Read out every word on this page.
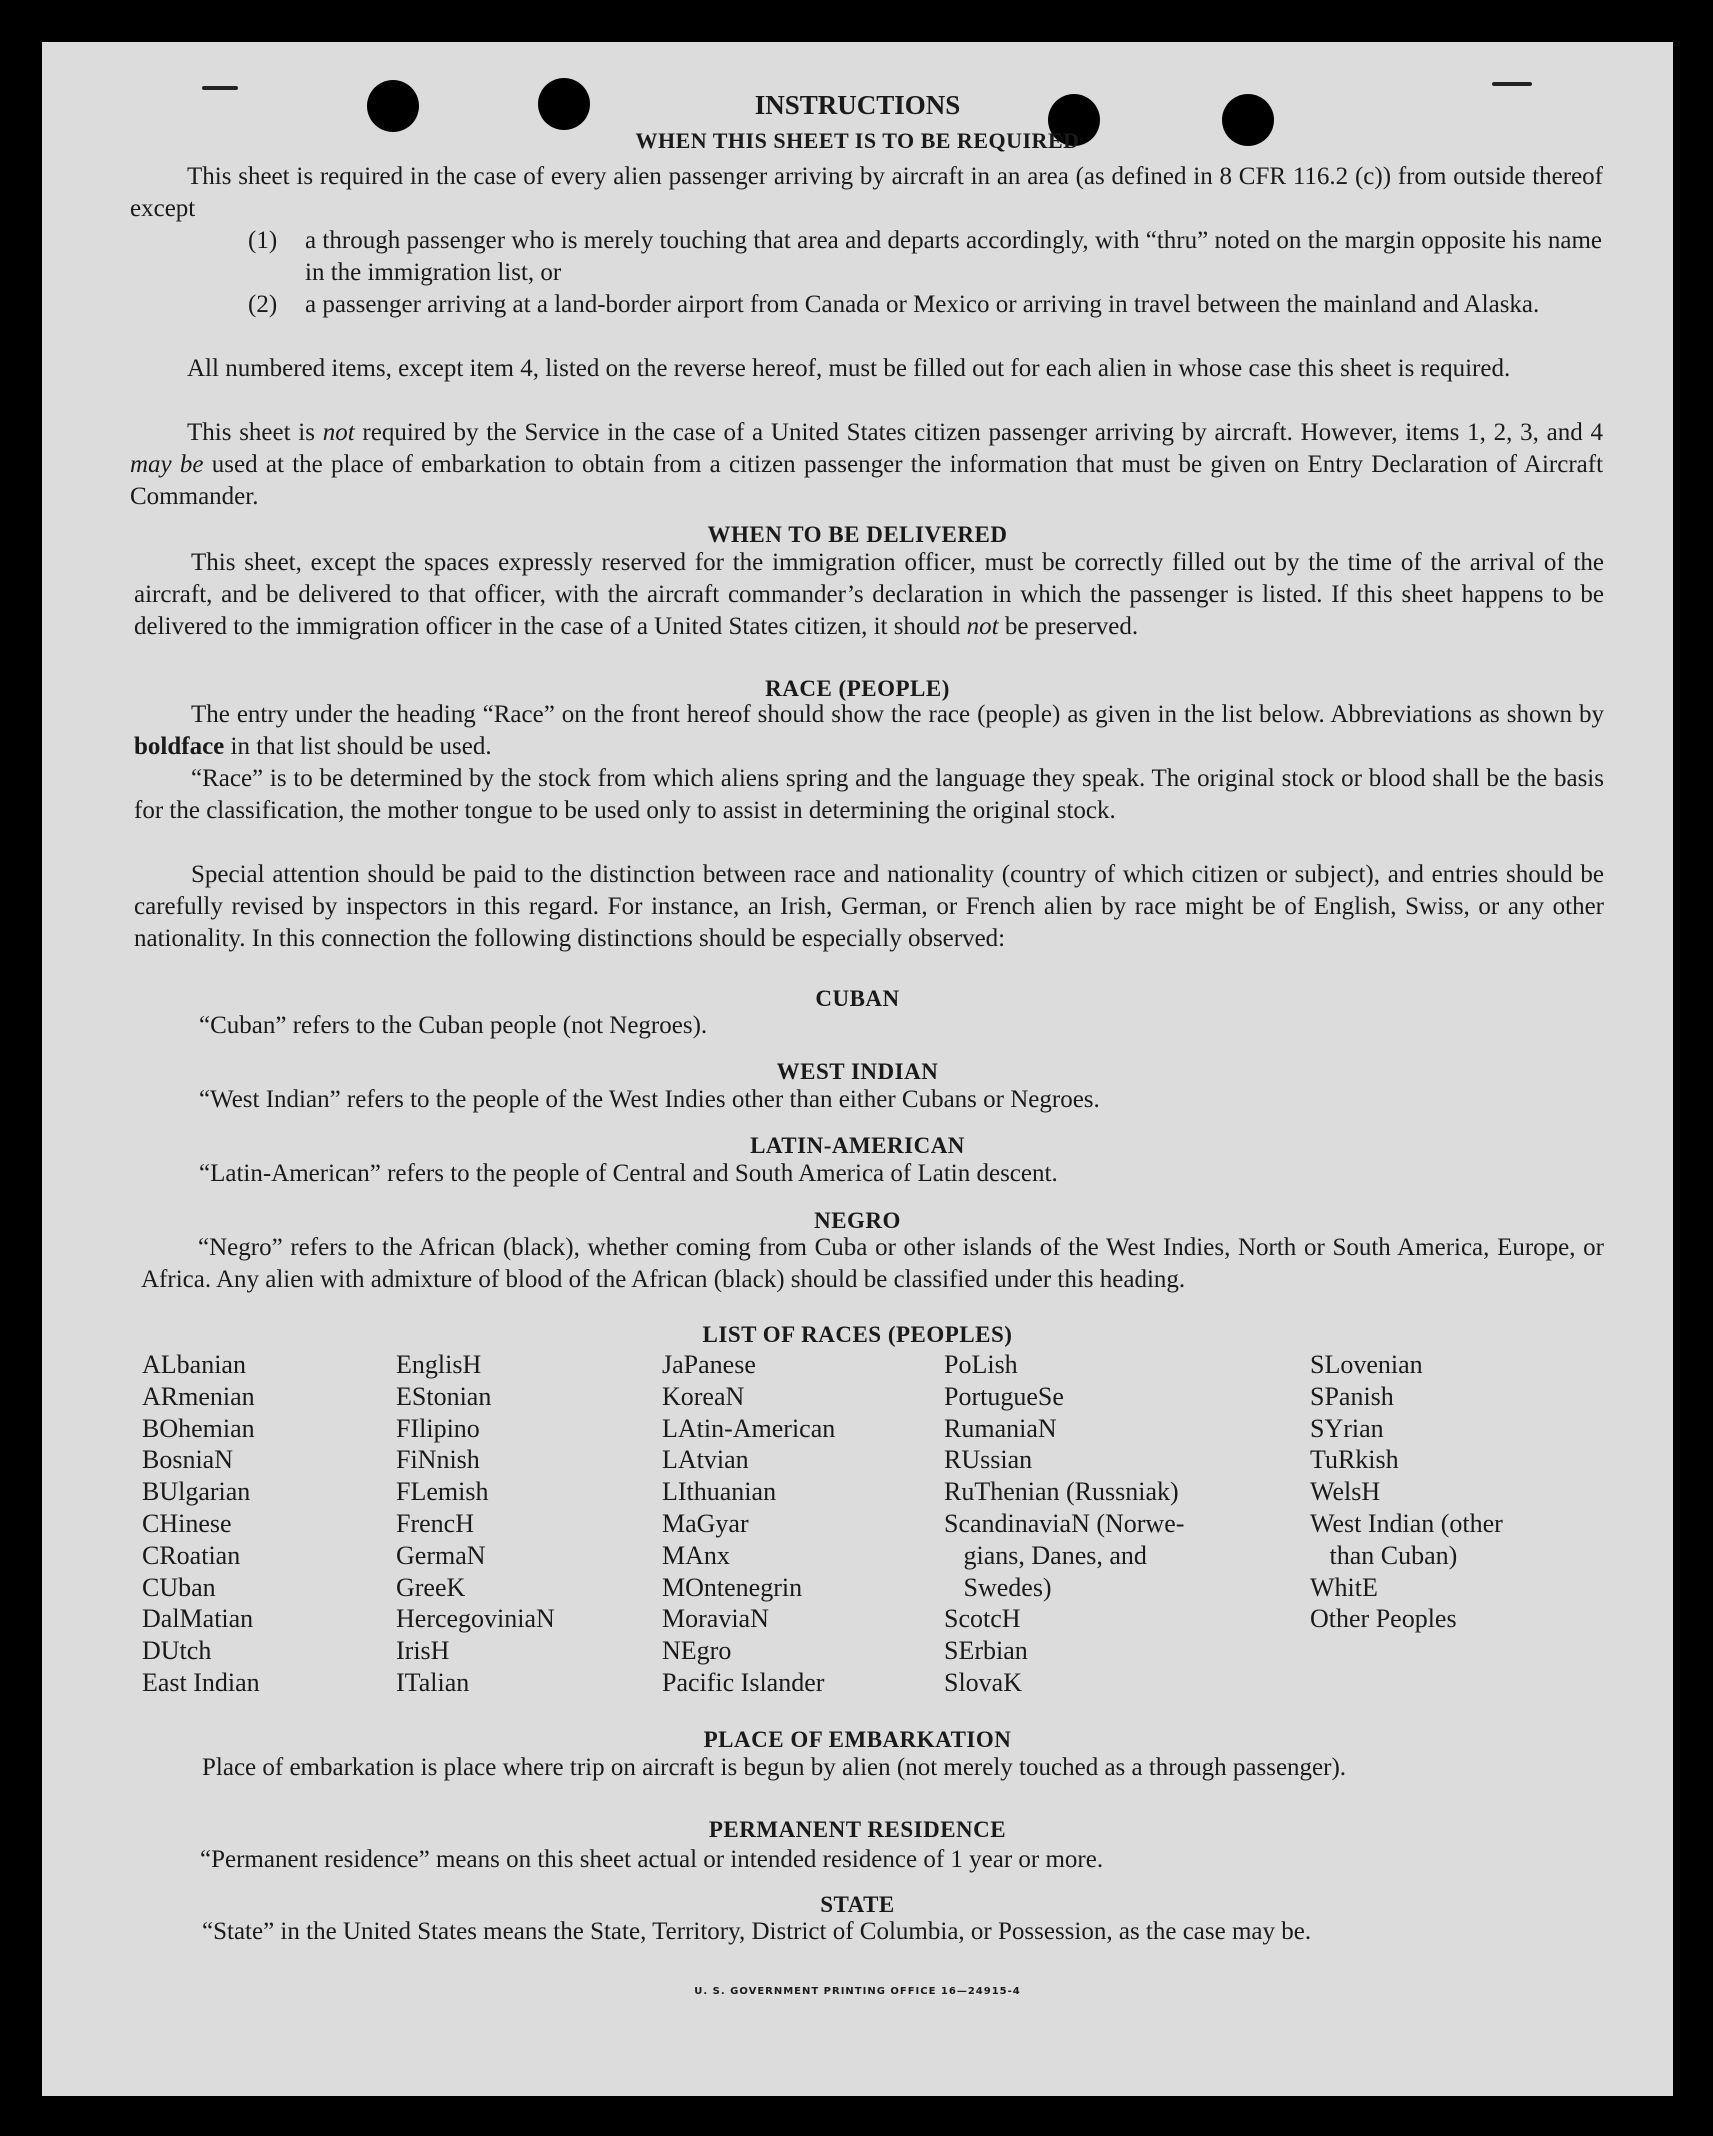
INSTRUCTIONS
WHEN THIS SHEET IS TO BE REQUIRED
This sheet is required in the case of every alien passenger arriving by aircraft in an area (as defined in 8 CFR 116.2 (c)) from outside thereof except
(1) a through passenger who is merely touching that area and departs accordingly, with “thru” noted on the margin opposite his name in the immigration list, or
(2) a passenger arriving at a land-border airport from Canada or Mexico or arriving in travel between the mainland and Alaska.
All numbered items, except item 4, listed on the reverse hereof, must be filled out for each alien in whose case this sheet is required.
This sheet is not required by the Service in the case of a United States citizen passenger arriving by aircraft. However, items 1, 2, 3, and 4 may be used at the place of embarkation to obtain from a citizen passenger the information that must be given on Entry Declaration of Aircraft Commander.
WHEN TO BE DELIVERED
This sheet, except the spaces expressly reserved for the immigration officer, must be correctly filled out by the time of the arrival of the aircraft, and be delivered to that officer, with the aircraft commander’s declaration in which the passenger is listed. If this sheet happens to be delivered to the immigration officer in the case of a United States citizen, it should not be preserved.
RACE (PEOPLE)
The entry under the heading “Race” on the front hereof should show the race (people) as given in the list below. Abbreviations as shown by boldface in that list should be used.
“Race” is to be determined by the stock from which aliens spring and the language they speak. The original stock or blood shall be the basis for the classification, the mother tongue to be used only to assist in determining the original stock.
Special attention should be paid to the distinction between race and nationality (country of which citizen or subject), and entries should be carefully revised by inspectors in this regard. For instance, an Irish, German, or French alien by race might be of English, Swiss, or any other nationality. In this connection the following distinctions should be especially observed:
CUBAN
“Cuban” refers to the Cuban people (not Negroes).
WEST INDIAN
“West Indian” refers to the people of the West Indies other than either Cubans or Negroes.
LATIN-AMERICAN
“Latin-American” refers to the people of Central and South America of Latin descent.
NEGRO
“Negro” refers to the African (black), whether coming from Cuba or other islands of the West Indies, North or South America, Europe, or Africa. Any alien with admixture of blood of the African (black) should be classified under this heading.
LIST OF RACES (PEOPLES)
ALbanian
ARmenian
BOhemian
BosniaN
BUlgarian
CHinese
CRoatian
CUban
DalMatian
DUtch
East Indian
EnglisH
EStonian
FIlipino
FiNnish
FLemish
FrencH
GermaN
GreeK
HercegoviniaN
IrisH
ITalian
JaPanese
KoreaN
LAtin-American
LAtvian
LIthuanian
MaGyar
MAnx
MOntenegrin
MoraviaN
NEgro
Pacific Islander
PoLish
PortugueSe
RumaniaN
RUssian
RuThenian (Russniak)
ScandinaviaN (Norwe-
gians, Danes, and
Swedes)
ScotcH
SErbian
SlovaK
SLovenian
SPanish
SYrian
TuRkish
WelsH
West Indian (other
than Cuban)
WhitE
Other Peoples
PLACE OF EMBARKATION
Place of embarkation is place where trip on aircraft is begun by alien (not merely touched as a through passenger).
PERMANENT RESIDENCE
“Permanent residence” means on this sheet actual or intended residence of 1 year or more.
STATE
“State” in the United States means the State, Territory, District of Columbia, or Possession, as the case may be.
U. S. GOVERNMENT PRINTING OFFICE 16—24915-4
